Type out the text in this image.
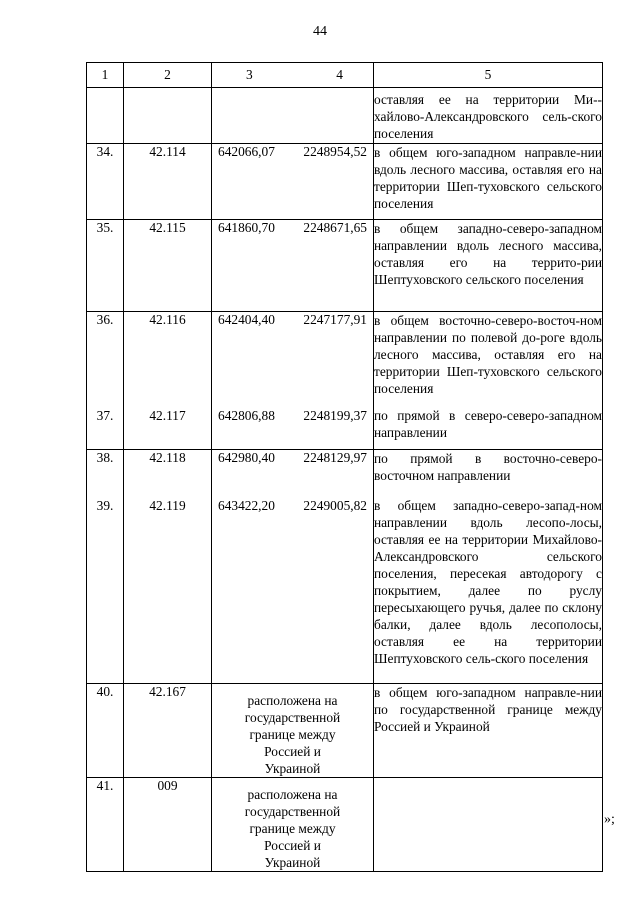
44
1	2	3 4	5

			оставляя ее на территории Ми-хайлово-Александровского сель-ского поселения

34.	42.114	642066,07 2248954,52	в общем юго-западном направле-нии вдоль лесного массива, оставляя его на территории Шеп-туховского сельского поселения

35.	42.115	641860,70 2248671,65	в общем западно-северо-западном направлении вдоль лесного массива, оставляя его на террито-рии Шептуховского сельского поселения

36.	42.116	642404,40 2247177,91	в общем восточно-северо-восточ-ном направлении по полевой до-роге вдоль лесного массива, оставляя его на территории Шеп-туховского сельского поселения

37.	42.117	642806,88 2248199,37	по прямой в северо-северо-западном направлении

38.	42.118	642980,40 2248129,97	по прямой в восточно-северо-восточном направлении

39.	42.119	643422,20 2249005,82	в общем западно-северо-запад-ном направлении вдоль лесопо-лосы, оставляя ее на территории Михайлово-Александровского сельского поселения, пересекая автодорогу с покрытием, далее по руслу пересыхающего ручья, далее по склону балки, далее вдоль лесополосы, оставляя ее на территории Шептуховского сель-ского поселения

40.	42.167	расположена на государственной границе между Россией и Украиной	в общем юго-западном направле-нии по государственной границе между Россией и Украиной

41.	009	расположена на государственной границе между Россией и Украиной	

»;
